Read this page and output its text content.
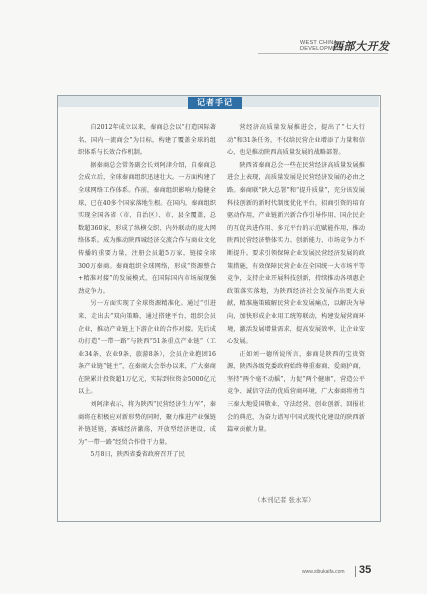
WEST CHINA
DEVELOPMENT
西部大开发
记者手记

自2012年成立以来，秦商总会以“打造国际著名、国内一流商会”为目标，构建了覆盖全球的组织体系与长效合作机制。

据秦商总会常务副会长刘阿津介绍，自秦商总会成立后，全球秦商组织迅速壮大。一方面构建了全球网络工作体系。作前，秦商组织影响力稳健全球，已在40多个国家落地生根。在国内，秦商组织实现全国各省（市、自治区）、市、县全覆盖，总数超360家，形成了纵横交织、内外联动的庞大网络体系。成为推动陕西城经济交流合作与商业文化传播的重要力量，注册会员超5万家，链接全球300万秦商。秦商组织全球网络，形成“资源整合+精准对接”的发展模式，在国际国内市场展现强劲竞争力。

另一方面实现了全球资源精准化。通过“引进来、走出去”双向策略，通过搭建平台，组织会员企业，推动产业链上下游企业的合作对接。先后成功打造“一带一路”与陕西“51条重点产业链”（工业34条，农业9条，旅游8条），会员企业抱团16条产业链“链主”，在秦商大会举办以来，广大秦商在陕累计投资超1万亿元，实际到位资金5000亿元以上。

刘阿津表示，将为陕西“民营经济生力军”，秦商将在积极应对新形势的同时，聚力推进产业强链补链延链，赛城经济激荡，开放型经济建设，成为“一带一路”经贸合作骨干力量。

5月8日，陕西省委省政府召开了民

营经济高质量发展推进会，提出了“七大行动”和31条任务，不仅给民营企业增添了力量和信心，也是推动陕西高质量发展的战略部署。

陕西省秦商总会一些在民营经济高质量发展推进会上表现，高质量发展是民营经济发展的必由之路。秦商联“陕大总署”和“提升质量”，充分该发展科技创新的新时代制度优化平台，招商引资的培育驱动作用，产业链新兴新合作引导作用、国企民企的互促共进作用、多元平台的示范赋能作用，推动陕西民营经济整体实力、创新能力、市场竞争力不断提升。要求引领保障企业发展民营经济发展的政策措施，有效保障民营企业在全国统一大市场平等竞争，支持企业开展科技创新，持续推动各项惠企政策落实落地，为陕西经济社会发展作出更大贡献，精准施策破解民营企业发展痛点，以解决为导向，加快形成企业用工统筹联动，构建发展营商环境，激活发展增量需求，提高发展效率，让企业安心发展。

正如刘一德所说所言，秦商是陕西的宝贵资源，陕西各级党委政府始终尊重秦商、爱商护商，坚持“两个毫不动摇”，力促“两个健康”，营造公平竞争、诚信守法的优质营商环境，广大秦商将勇当三秦大地爱国敬业、守法经营、创业创新、回报社会的典范，为奋力谱写中国式现代化建设的陕西新篇章贡献力量。

（本刊记者 张永军）
www.xibukaifa.com 35
